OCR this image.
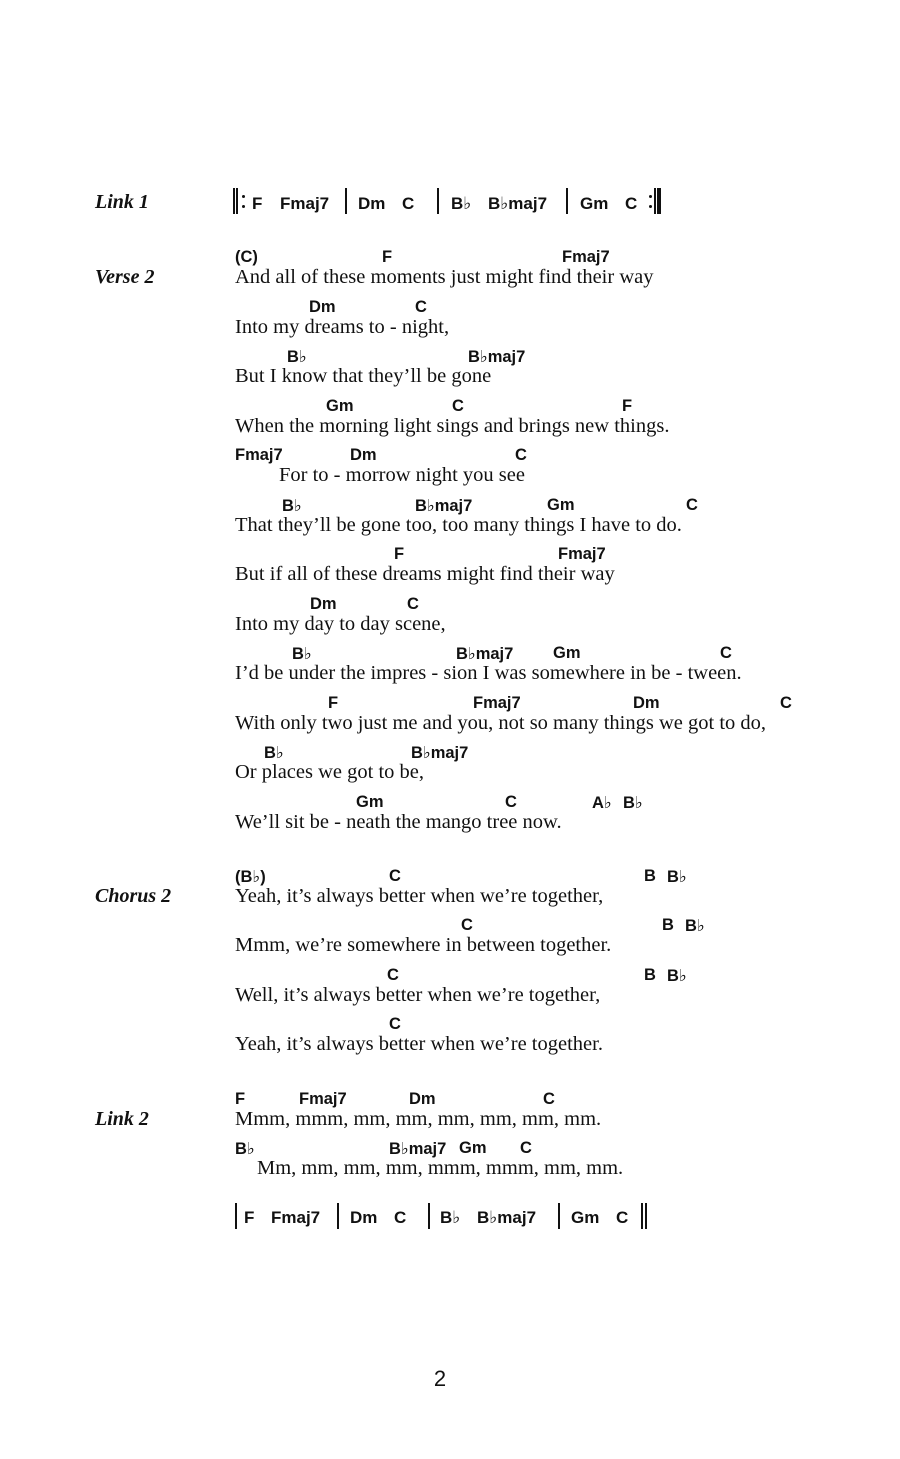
Link 1
Verse 2
Chorus 2
Link 2
F Fmaj7 Dm C B♭ B♭maj7 Gm C
(C)	F	Fmaj7
And all of these moments just might find their way
Dm	C
Into my dreams to - night,
B♭	B♭maj7
But I know that they’ll be gone
Gm	C	F
When the morning light sings and brings new things.
Fmaj7	Dm	C
For to - morrow night you see
B♭	B♭maj7	Gm	C
That they’ll be gone too, too many things I have to do.
F	Fmaj7
But if all of these dreams might find their way
Dm	C
Into my day to day scene,
B♭	B♭maj7 Gm	C
I’d be under the impres - sion I was somewhere in be - tween.
F	Fmaj7	Dm	C
With only two just me and you, not so many things we got to do,
B♭	B♭maj7
Or places we got to be,
Gm	C	A♭ B♭
We’ll sit be - neath the mango tree now.
(B♭)	C	B B♭
Yeah, it’s always better when we’re together,
C	B B♭
Mmm, we’re somewhere in between together.
C	B B♭
Well, it’s always better when we’re together,
C
Yeah, it’s always better when we’re together.
F	Fmaj7	Dm	C
Mmm, mmm, mm, mm, mm, mm, mm, mm.
B♭	B♭maj7 Gm C
Mm, mm, mm, mm, mmm, mmm, mm, mm.
F Fmaj7 Dm C B♭ B♭maj7 Gm C
2
